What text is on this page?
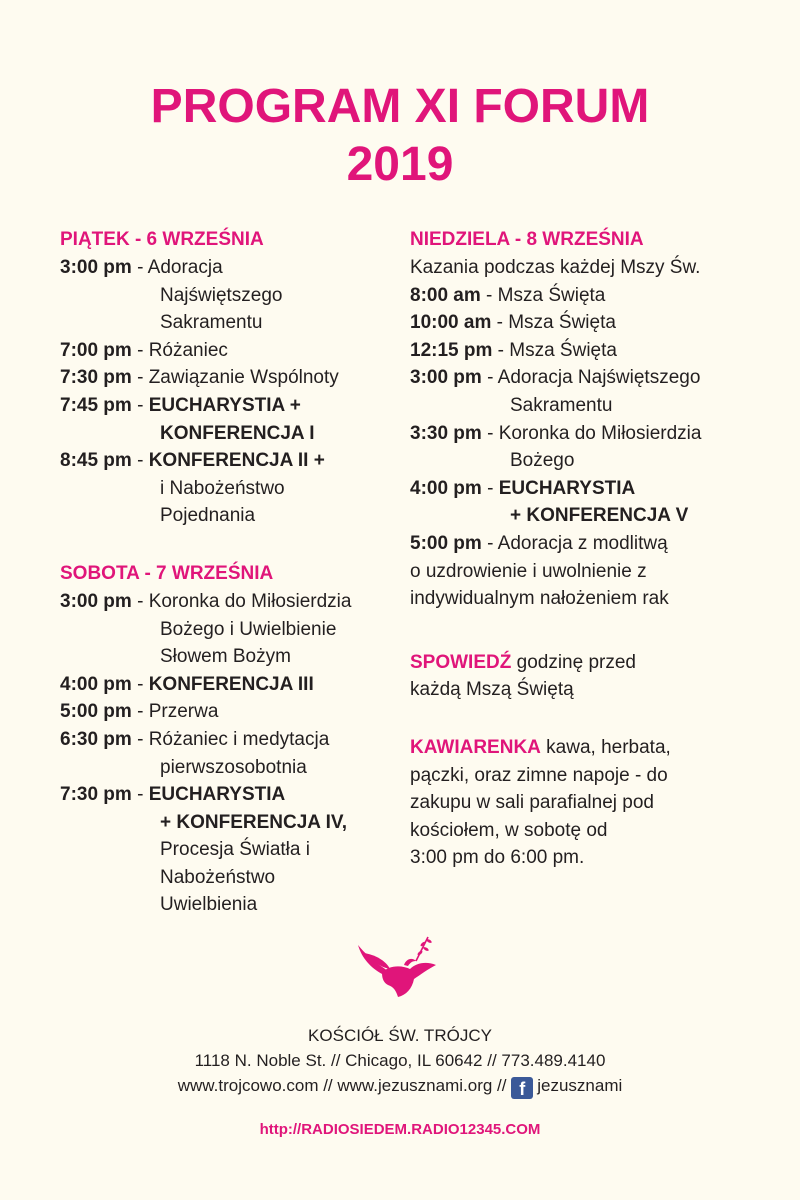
PROGRAM XI FORUM
2019
PIĄTEK - 6 WRZEŚNIA
3:00 pm - Adoracja
Najświętszego
Sakramentu
7:00 pm - Różaniec
7:30 pm - Zawiązanie Wspólnoty
7:45 pm - EUCHARYSTIA +
KONFERENCJA I
8:45 pm - KONFERENCJA II +
i Nabożeństwo
Pojednania
SOBOTA - 7 WRZEŚNIA
3:00 pm - Koronka do Miłosierdzia
Bożego i Uwielbienie
Słowem Bożym
4:00 pm - KONFERENCJA III
5:00 pm - Przerwa
6:30 pm - Różaniec i medytacja
pierwszosobotnia
7:30 pm - EUCHARYSTIA
+ KONFERENCJA IV,
Procesja Światła i
Nabożeństwo
Uwielbienia
NIEDZIELA - 8 WRZEŚNIA
Kazania podczas każdej Mszy Św.
8:00 am - Msza Święta
10:00 am - Msza Święta
12:15 pm - Msza Święta
3:00 pm - Adoracja Najświętszego
Sakramentu
3:30 pm - Koronka do Miłosierdzia
Bożego
4:00 pm - EUCHARYSTIA
+ KONFERENCJA V
5:00 pm - Adoracja z modlitwą
o uzdrowienie i uwolnienie z
indywidualnym nałożeniem rak
SPOWIEDŹ godzinę przed
każdą Mszą Świętą
KAWIARENKA kawa, herbata,
pączki, oraz zimne napoje - do
zakupu w sali parafialnej pod
kościołem, w sobotę od
3:00 pm do 6:00 pm.
KOŚCIÓŁ ŚW. TRÓJCY
1118 N. Noble St. // Chicago, IL 60642 // 773.489.4140
www.trojcowo.com // www.jezusznami.org // f jezusznami
http://RADIOSIEDEM.RADIO12345.COM
